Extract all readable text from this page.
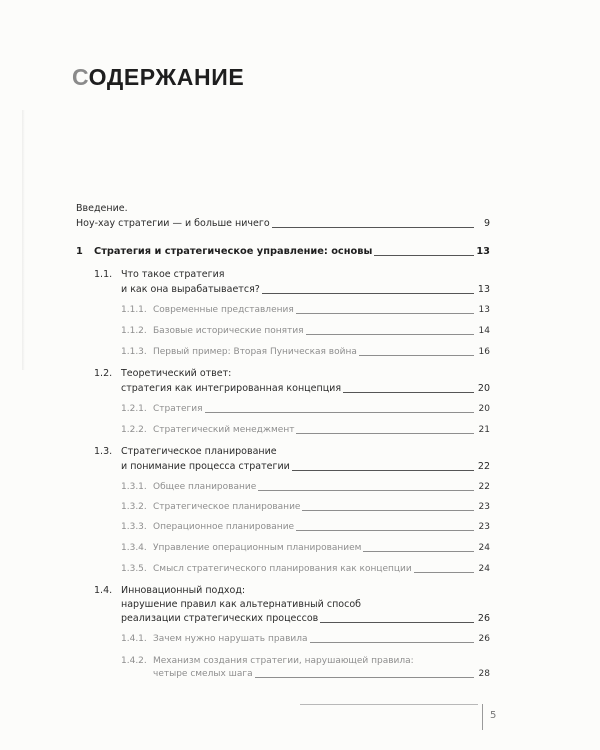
СОДЕРЖАНИЕ
Введение.
Ноу-хау стратегии — и больше ничего	9
1	Стратегия и стратегическое управление: основы	13
1.1. Что такое стратегия
и как она вырабатывается?	13
1.1.1. Современные представления	13
1.1.2. Базовые исторические понятия	14
1.1.3. Первый пример: Вторая Пуническая война	16
1.2. Теоретический ответ:
стратегия как интегрированная концепция	20
1.2.1. Стратегия	20
1.2.2. Стратегический менеджмент	21
1.3. Стратегическое планирование
и понимание процесса стратегии	22
1.3.1. Общее планирование	22
1.3.2. Стратегическое планирование	23
1.3.3. Операционное планирование	23
1.3.4. Управление операционным планированием	24
1.3.5. Смысл стратегического планирования как концепции	24
1.4. Инновационный подход:
нарушение правил как альтернативный способ
реализации стратегических процессов	26
1.4.1. Зачем нужно нарушать правила	26
1.4.2. Механизм создания стратегии, нарушающей правила:
четыре смелых шага	28
5
